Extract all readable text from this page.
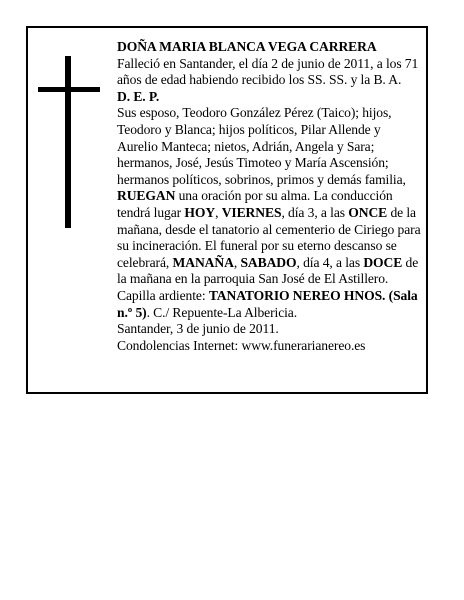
DOÑA MARIA BLANCA VEGA CARRERA

Falleció en Santander, el día 2 de junio de 2011, a los 71 años de edad habiendo recibido los SS. SS. y la B. A.

D. E. P.

Sus esposo, Teodoro González Pérez (Taico); hijos, Teodoro y Blanca; hijos políticos, Pilar Allende y Aurelio Manteca; nietos, Adrián, Angela y Sara; hermanos, José, Jesús Timoteo y María Ascensión; hermanos políticos, sobrinos, primos y demás familia, RUEGAN una oración por su alma. La conducción tendrá lugar HOY, VIERNES, día 3, a las ONCE de la mañana, desde el tanatorio al cementerio de Ciriego para su incineración. El funeral por su eterno descanso se celebrará, MANAÑA, SABADO, día 4, a las DOCE de la mañana en la parroquia San José de El Astillero.

Capilla ardiente: TANATORIO NEREO HNOS. (Sala n.º 5). C./ Repuente-La Albericia.

Santander, 3 de junio de 2011.

Condolencias Internet: www.funerarianereo.es
